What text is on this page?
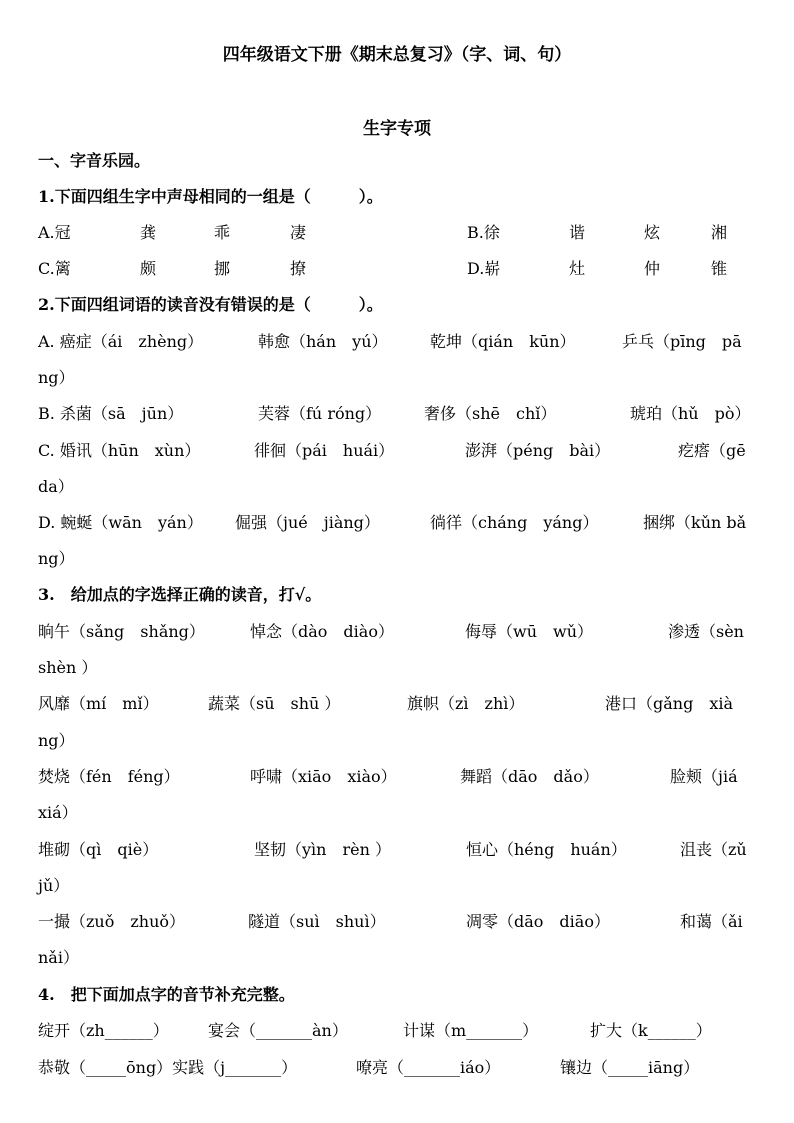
四年级语文下册《期末总复习》（字、词、句）
生字专项
一、字音乐园。
1.下面四组生字中声母相同的一组是（　　　）。
A.冠	龚	乖	凄	B.徐	谐	炫	湘
C.篱	颇	挪	撩	D.崭	灶	仲	锥
2.下面四组词语的读音没有错误的是（　　　）。
A. 癌症（ái　zhèng）	韩愈（hán　yú）	乾坤（qián　kūn）	乒乓（pīng　pā
ng）
B. 杀菌（sā　jūn）	芙蓉（fú róng）	奢侈（shē　chǐ）	琥珀（hǔ　pò）
C. 婚讯（hūn　xùn）	徘徊（pái　huái）	澎湃（péng　bài）	疙瘩（gē
da）
D. 蜿蜒（wān　yán） 倔强（jué　jiàng）	徜徉（cháng　yáng）	捆绑（kǔn bǎ
ng）
3.　给加点的字选择正确的读音，打√。
晌午（sǎng　shǎng）	悼念（dào　diào）	侮辱（wū　wǔ）	渗透（sèn
shèn ）
风靡（mí　mǐ）	蔬菜（sū　shū ）	旗帜（zì　zhì）	港口（gǎng　xià
ng）
焚烧（fén　féng）	呼啸（xiāo　xiào）	舞蹈（dāo　dǎo）	脸颊（jiá
xiá）
堆砌（qì　qiè）	坚韧（yìn　rèn ）	恒心（héng　huán）	沮丧（zǔ
jǔ）
一撮（zuǒ　zhuǒ）	隧道（suì　shuì）	凋零（dāo　diāo）	和蔼（ǎi
nǎi）
4.　把下面加点字的音节补充完整。
绽开（zh______） 宴会（_______àn）	计谋（m_______）	扩大（k______）
恭敬（_____ōng）实践（j_______）	嘹亮（_______iáo）	镶边（_____iāng）
